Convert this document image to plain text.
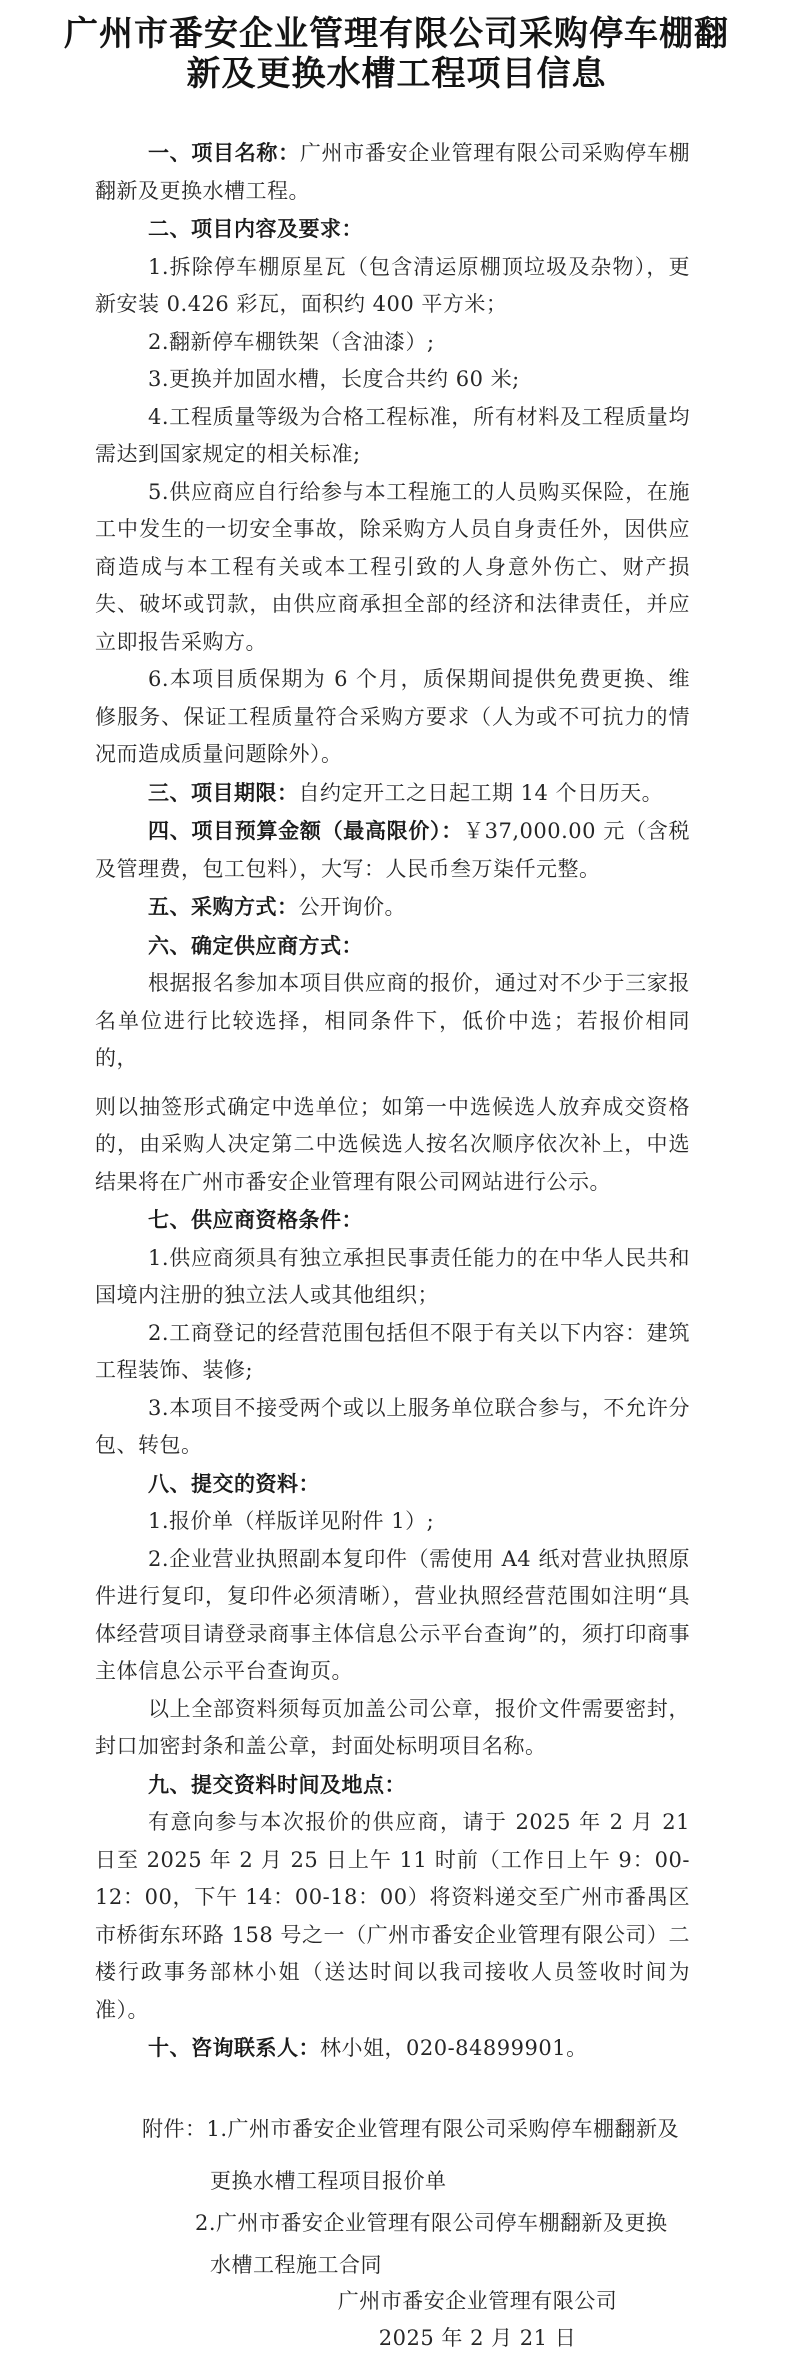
广州市番安企业管理有限公司采购停车棚翻
新及更换水槽工程项目信息

一、项目名称：广州市番安企业管理有限公司采购停车棚翻新及更换水槽工程。

二、项目内容及要求：

1.拆除停车棚原星瓦（包含清运原棚顶垃圾及杂物），更新安装 0.426 彩瓦，面积约 400 平方米；

2.翻新停车棚铁架（含油漆）;

3.更换并加固水槽，长度合共约 60 米;

4.工程质量等级为合格工程标准，所有材料及工程质量均需达到国家规定的相关标准;

5.供应商应自行给参与本工程施工的人员购买保险，在施工中发生的一切安全事故，除采购方人员自身责任外，因供应商造成与本工程有关或本工程引致的人身意外伤亡、财产损失、破坏或罚款，由供应商承担全部的经济和法律责任，并应立即报告采购方。

6.本项目质保期为 6 个月，质保期间提供免费更换、维修服务、保证工程质量符合采购方要求（人为或不可抗力的情况而造成质量问题除外）。

三、项目期限：自约定开工之日起工期 14 个日历天。

四、项目预算金额（最高限价）：￥37,000.00 元（含税及管理费，包工包料），大写：人民币叁万柒仟元整。

五、采购方式：公开询价。

六、确定供应商方式：

根据报名参加本项目供应商的报价，通过对不少于三家报名单位进行比较选择，相同条件下，低价中选；若报价相同的，

则以抽签形式确定中选单位；如第一中选候选人放弃成交资格的，由采购人决定第二中选候选人按名次顺序依次补上，中选结果将在广州市番安企业管理有限公司网站进行公示。

七、供应商资格条件：

1.供应商须具有独立承担民事责任能力的在中华人民共和国境内注册的独立法人或其他组织；

2.工商登记的经营范围包括但不限于有关以下内容：建筑工程装饰、装修;

3.本项目不接受两个或以上服务单位联合参与，不允许分包、转包。

八、提交的资料：

1.报价单（样版详见附件 1）;

2.企业营业执照副本复印件（需使用 A4 纸对营业执照原件进行复印，复印件必须清晰），营业执照经营范围如注明“具体经营项目请登录商事主体信息公示平台查询”的，须打印商事主体信息公示平台查询页。

以上全部资料须每页加盖公司公章，报价文件需要密封，封口加密封条和盖公章，封面处标明项目名称。

九、提交资料时间及地点：

有意向参与本次报价的供应商，请于 2025 年 2 月 21 日至 2025 年 2 月 25 日上午 11 时前（工作日上午 9：00-12：00，下午 14：00-18：00）将资料递交至广州市番禺区市桥街东环路 158 号之一（广州市番安企业管理有限公司）二楼行政事务部林小姐（送达时间以我司接收人员签收时间为准）。

十、咨询联系人：林小姐，020-84899901。

附件：1.广州市番安企业管理有限公司采购停车棚翻新及
更换水槽工程项目报价单
2.广州市番安企业管理有限公司停车棚翻新及更换
水槽工程施工合同
广州市番安企业管理有限公司
2025 年 2 月 21 日
